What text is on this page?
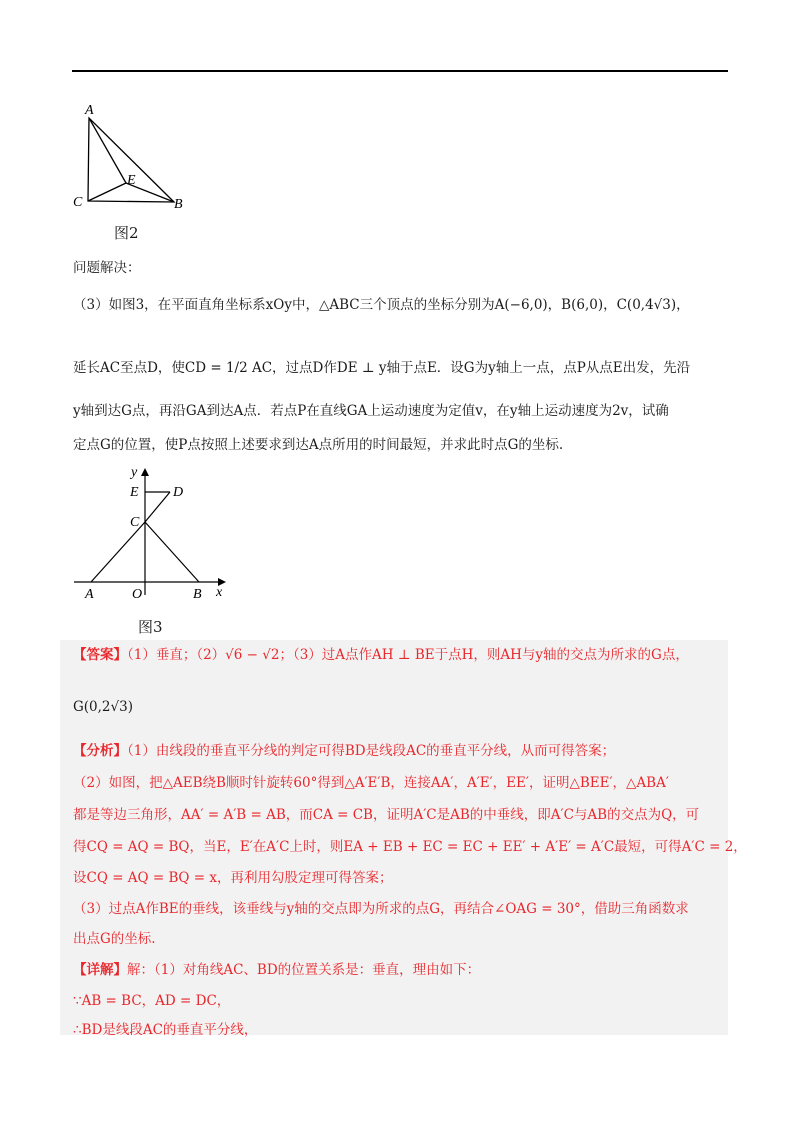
A
C	B
E
图2
问题解决：
（3）如图3，在平面直角坐标系xOy中，△ABC三个顶点的坐标分别为A(−6,0)，B(6,0)，C(0,4√3)，
延长AC至点D，使CD = 1/2 AC，过点D作DE ⊥ y轴于点E．设G为y轴上一点，点P从点E出发，先沿
y轴到达G点，再沿GA到达A点．若点P在直线GA上运动速度为定值v，在y轴上运动速度为2v，试确
定点G的位置，使P点按照上述要求到达A点所用的时间最短，并求此时点G的坐标.
y
x
E D
C
A	O	B
图3
【答案】（1）垂直；（2）√6 − √2；（3）过A点作AH ⊥ BE于点H，则AH与y轴的交点为所求的G点，
G(0,2√3)
【分析】（1）由线段的垂直平分线的判定可得BD是线段AC的垂直平分线，从而可得答案；
（2）如图，把△AEB绕B顺时针旋转60°得到△A′E′B，连接AA′，A′E′，EE′，证明△BEE′，△ABA′
都是等边三角形，AA′ = A′B = AB，而CA = CB，证明A′C是AB的中垂线，即A′C与AB的交点为Q，可
得CQ = AQ = BQ，当E，E′在A′C上时，则EA + EB + EC = EC + EE′ + A′E′ = A′C最短，可得A′C = 2，
设CQ = AQ = BQ = x，再利用勾股定理可得答案；
（3）过点A作BE的垂线，该垂线与y轴的交点即为所求的点G，再结合∠OAG = 30°，借助三角函数求
出点G的坐标.
【详解】解：（1）对角线AC、BD的位置关系是：垂直，理由如下：
∵AB = BC，AD = DC，
∴BD是线段AC的垂直平分线，
